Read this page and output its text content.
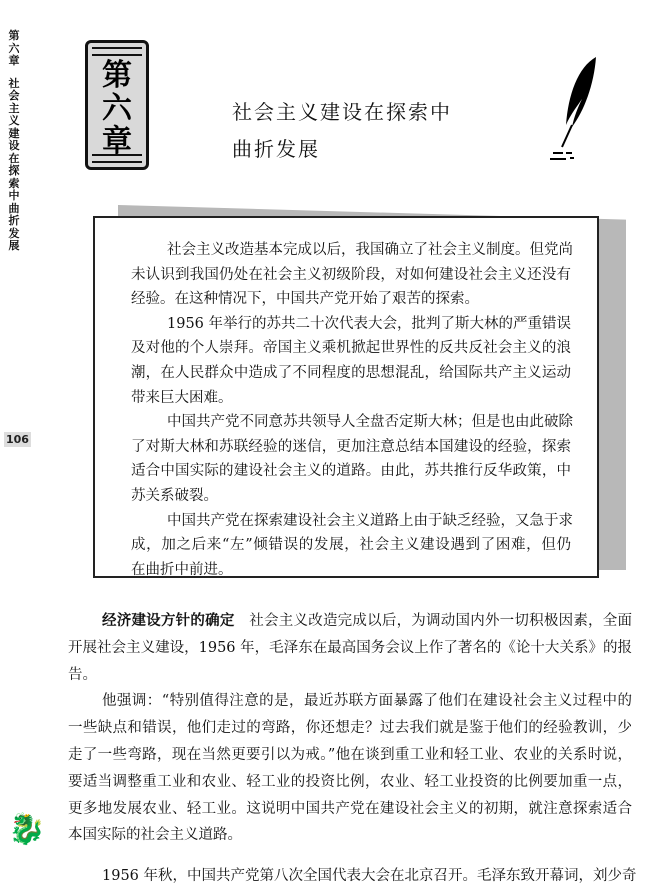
第六章
社会主义建设在探索中曲折发展
106
第
六
章
社会主义建设在探索中
曲折发展
社会主义改造基本完成以后，我国确立了社会主义制度。但党尚
未认识到我国仍处在社会主义初级阶段，对如何建设社会主义还没有
经验。在这种情况下，中国共产党开始了艰苦的探索。
1956 年举行的苏共二十次代表大会，批判了斯大林的严重错误
及对他的个人崇拜。帝国主义乘机掀起世界性的反共反社会主义的浪
潮，在人民群众中造成了不同程度的思想混乱，给国际共产主义运动
带来巨大困难。
中国共产党不同意苏共领导人全盘否定斯大林；但是也由此破除
了对斯大林和苏联经验的迷信，更加注意总结本国建设的经验，探索
适合中国实际的建设社会主义的道路。由此，苏共推行反华政策，中
苏关系破裂。
中国共产党在探索建设社会主义道路上由于缺乏经验，又急于求
成，加之后来“左”倾错误的发展，社会主义建设遇到了困难，但仍
在曲折中前进。
经济建设方针的确定　 社会主义改造完成以后，为调动国内外一切积极因素，全面
开展社会主义建设，1956 年，毛泽东在最高国务会议上作了著名的《论十大关系》的报
告。
他强调：“特别值得注意的是，最近苏联方面暴露了他们在建设社会主义过程中的
一些缺点和错误，他们走过的弯路，你还想走？过去我们就是鉴于他们的经验教训，少
走了一些弯路，现在当然更要引以为戒。”他在谈到重工业和轻工业、农业的关系时说，
要适当调整重工业和农业、轻工业的投资比例，农业、轻工业投资的比例要加重一点，
更多地发展农业、轻工业。这说明中国共产党在建设社会主义的初期，就注意探索适合
本国实际的社会主义道路。
1956 年秋，中国共产党第八次全国代表大会在北京召开。毛泽东致开幕词，刘少奇
🐉
